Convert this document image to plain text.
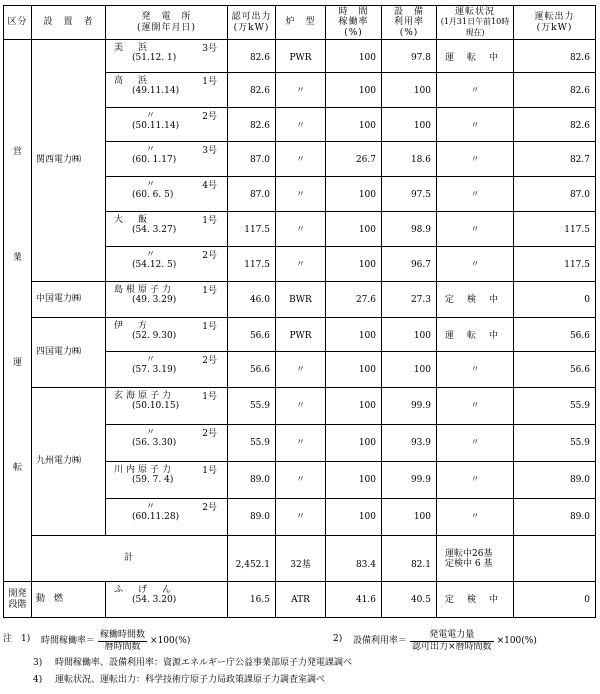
区分	設　置　者	発　電　所
(運開年月日)	認可出力
(万kW)	炉　型	時　間
稼働率
(%)	設　備
利用率
(%)	運転状況
(1月31日午前10時現在)	運転出力
(万kW)

営
業
運
転	関西電力㈱	美　浜 3号
(51.12. 1)	82.6	PWR	100	97.8	運　転　中	82.6

		高　浜 1号
(49.11.14)	82.6	〃	100	100	〃	82.6

		〃 2号
(50.11.14)	82.6	〃	100	100	〃	82.6

		〃 3号
(60. 1.17)	87.0	〃	26.7	18.6	〃	82.7

		〃 4号
(60. 6. 5)	87.0	〃	100	97.5	〃	87.0

		大　飯 1号
(54. 3.27)	117.5	〃	100	98.9	〃	117.5

		〃 2号
(54.12. 5)	117.5	〃	100	96.7	〃	117.5
	中国電力㈱	島根原子力 1号
(49. 3.29)	46.0	BWR	27.6	27.3	定　検　中	0
	四国電力㈱	伊　方 1号
(52. 9.30)	56.6	PWR	100	100	運　転　中	56.6

		〃 2号
(57. 3.19)	56.6	〃	100	100	〃	56.6
	九州電力㈱	玄海原子力 1号
(50.10.15)	55.9	〃	100	99.9	〃	55.9

		〃 2号
(56. 3.30)	55.9	〃	100	93.9	〃	55.9

		川内原子力 1号
(59. 7. 4)	89.0	〃	100	99.9	〃	89.0

		〃 2号
(60.11.28)	89.0	〃	100	100	〃	89.0
	計		2,452.1	32基	83.4	82.1	運転中26基
定検中 6 基	

開発
段階	動　燃	ふ　げ　ん
(54. 3.20)	16.5	ATR	41.6	40.5	定　検　中	0
注 1) 時間稼働率＝ $\frac{\text{稼働時間数}}{\text{暦時間数}} \times 100(\%)$	2) 設備利用率＝ $\frac{\text{発電電力量}}{\text{認可出力×暦時間数}} \times 100(\%)$
3) 時間稼働率、設備利用率：資源エネルギー庁公益事業部原子力発電課調べ
4) 運転状況、運転出力：科学技術庁原子力局政策課原子力調査室調べ
